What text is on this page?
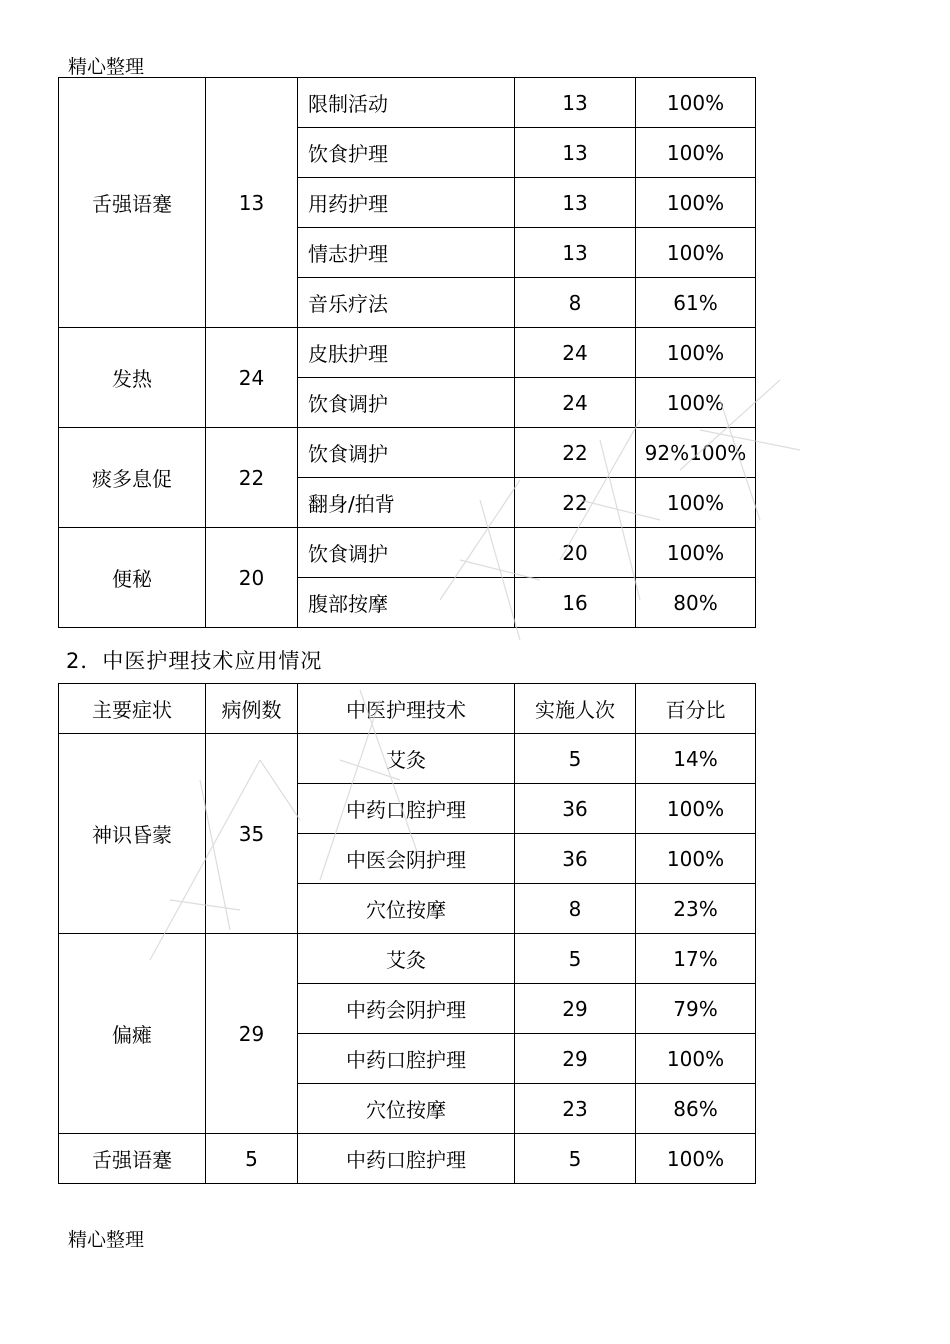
精心整理
舌强语蹇	13	限制活动	13	100%
		饮食护理	13	100%
		用药护理	13	100%
		情志护理	13	100%
		音乐疗法	8	61%
发热	24	皮肤护理	24	100%
		饮食调护	24	100%
痰多息促	22	饮食调护	22	92%100%
		翻身/拍背	22	100%
便秘	20	饮食调护	20	100%
		腹部按摩	16	80%
2．中医护理技术应用情况
主要症状	病例数	中医护理技术	实施人次	百分比
神识昏蒙	35	艾灸	5	14%
		中药口腔护理	36	100%
		中医会阴护理	36	100%
		穴位按摩	8	23%
偏瘫	29	艾灸	5	17%
		中药会阴护理	29	79%
		中药口腔护理	29	100%
		穴位按摩	23	86%
舌强语蹇	5	中药口腔护理	5	100%
精心整理
